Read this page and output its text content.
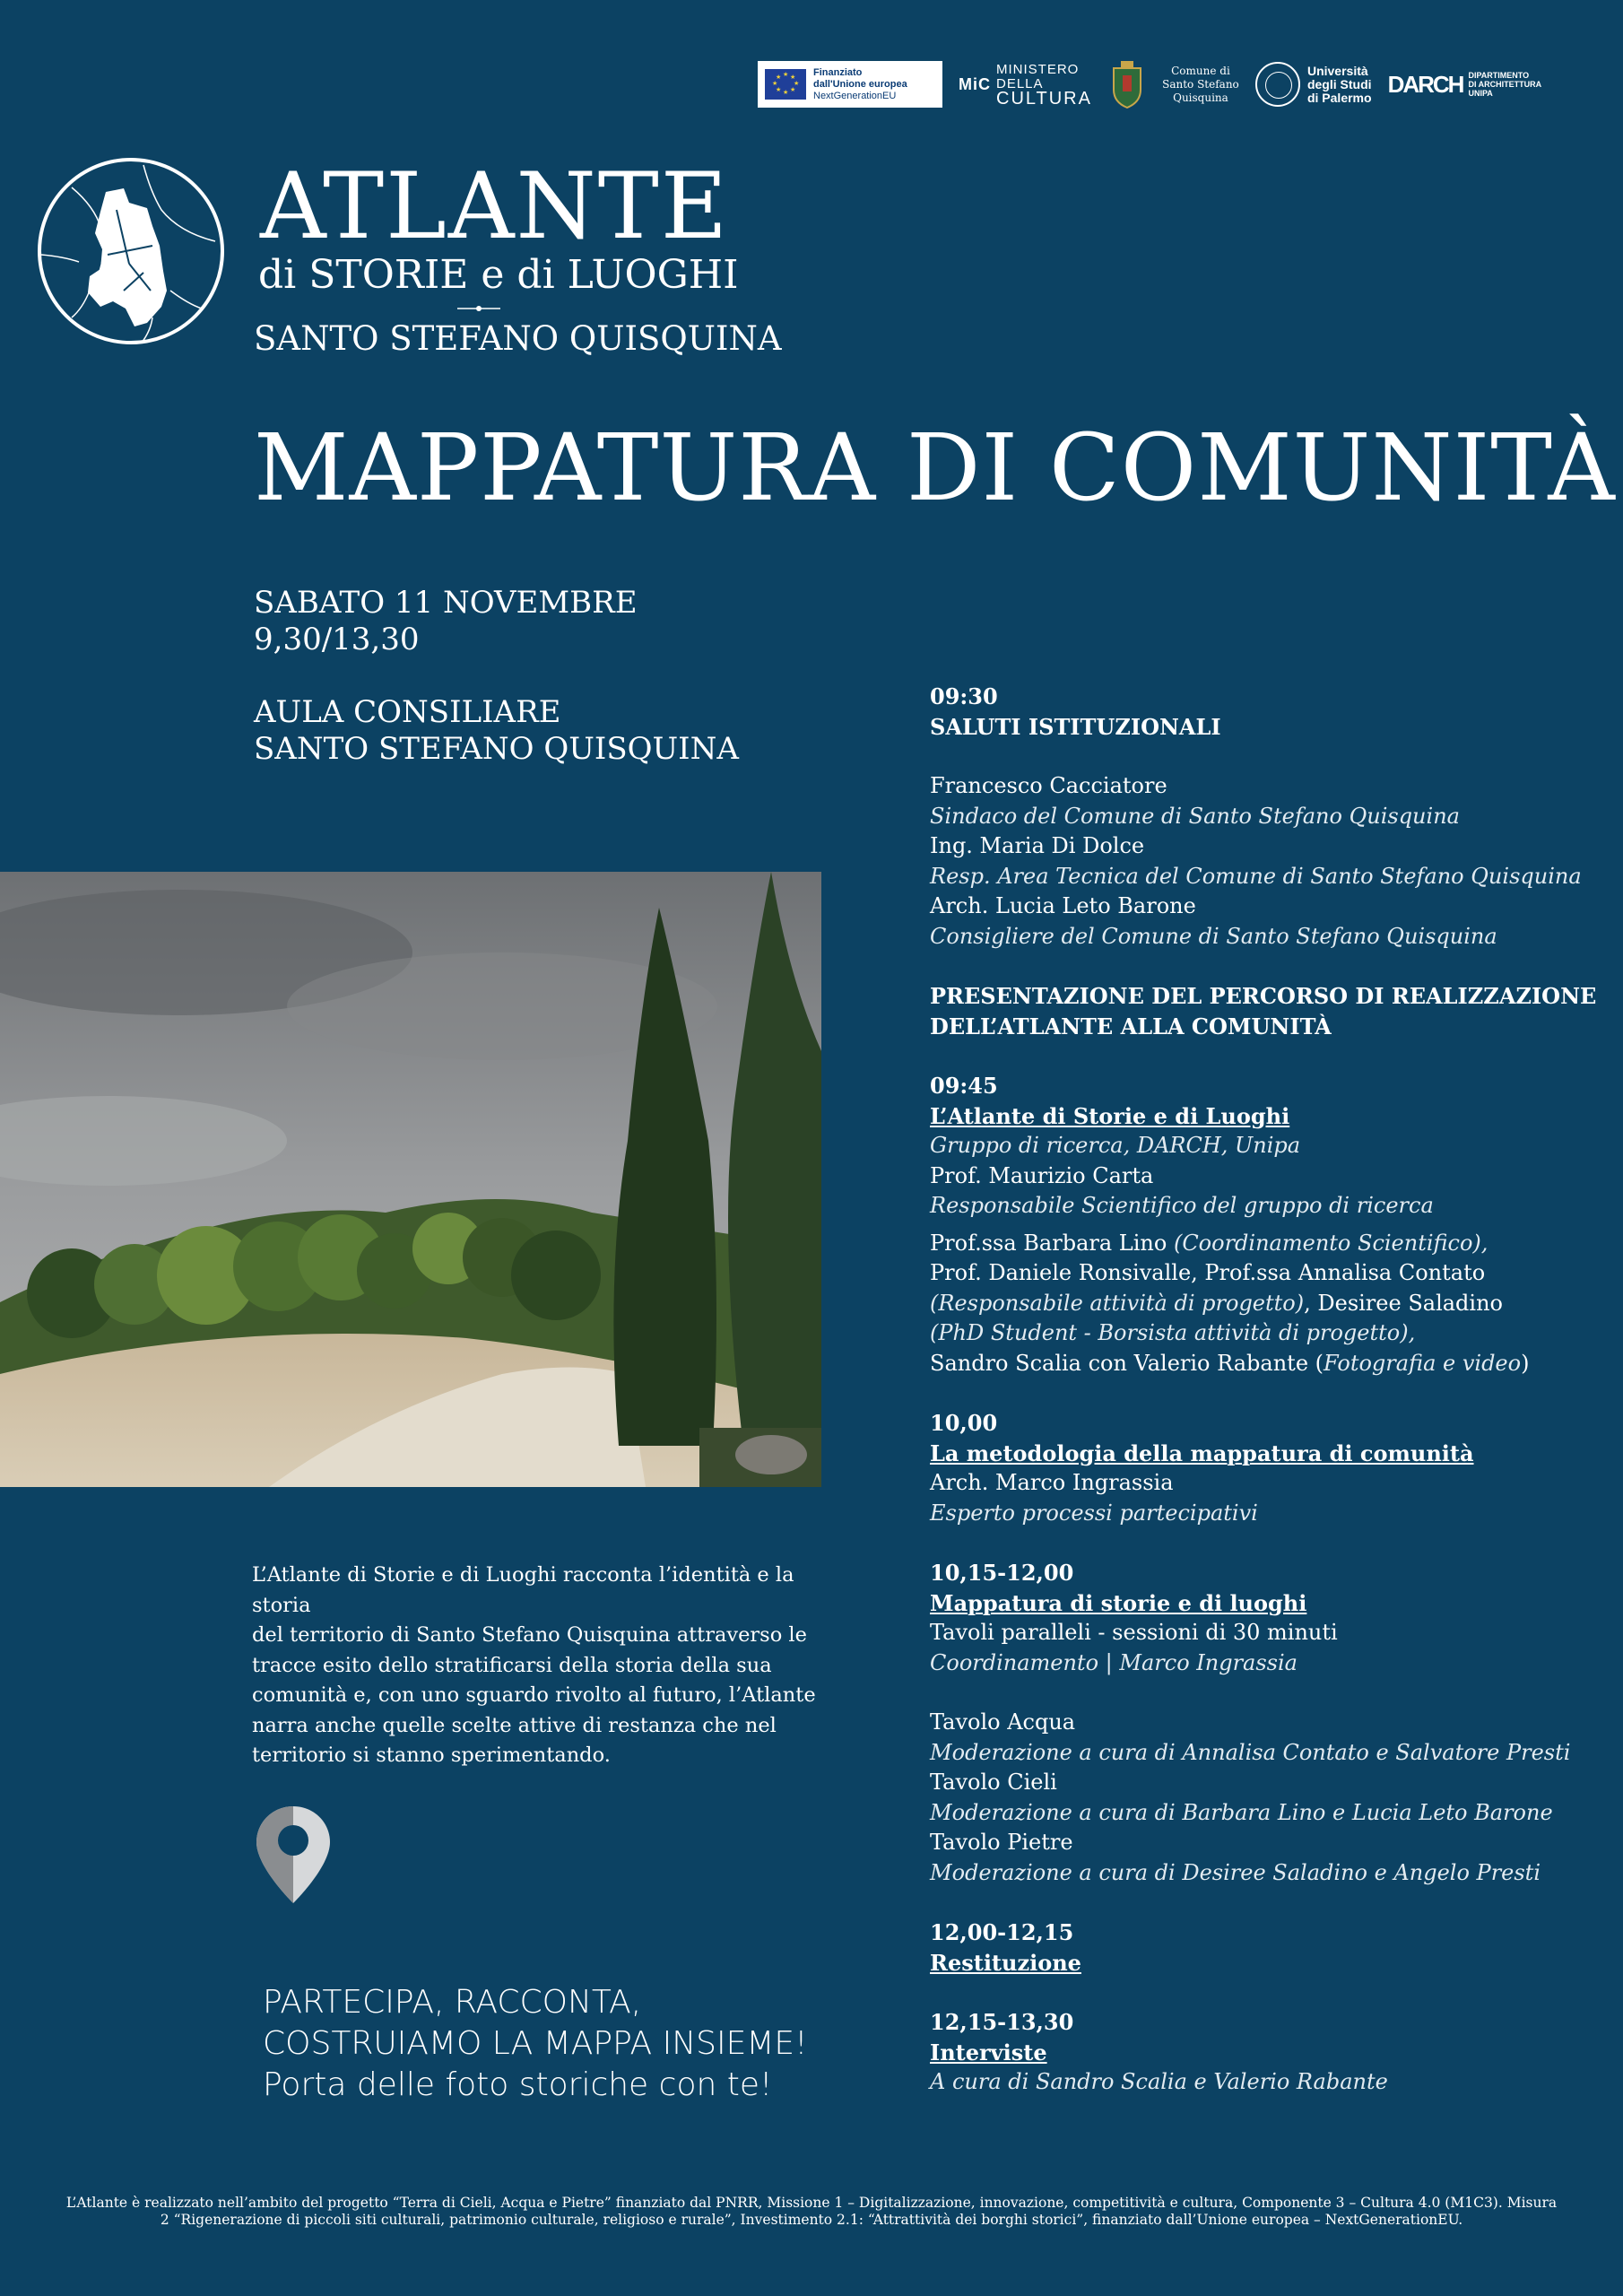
★ ★
★
★
★
★
★
★	Finanziato
dall'Unione europea
NextGenerationEU
MiC
MINISTERO
DELLA
CULTURA
Comune di
Santo Stefano
Quisquina
Università
degli Studi
di Palermo DARCH DIPARTIMENTO
DI ARCHITETTURA
UNIPA
ATLANTE
di STORIE e di LUOGHI
SANTO STEFANO QUISQUINA
MAPPATURA DI COMUNITÀ
SABATO 11 NOVEMBRE
9,30/13,30
AULA CONSILIARE
SANTO STEFANO QUISQUINA
L’Atlante di Storie e di Luoghi racconta l’identità e la storia
del territorio di Santo Stefano Quisquina attraverso le
tracce esito dello stratificarsi della storia della sua
comunità e, con uno sguardo rivolto al futuro, l’Atlante
narra anche quelle scelte attive di restanza che nel
territorio si stanno sperimentando.
PARTECIPA, RACCONTA,
COSTRUIAMO LA MAPPA INSIEME!
Porta delle foto storiche con te!

09:30

SALUTI ISTITUZIONALI

Francesco Cacciatore

Sindaco del Comune di Santo Stefano Quisquina

Ing. Maria Di Dolce

Resp. Area Tecnica del Comune di Santo Stefano Quisquina

Arch. Lucia Leto Barone

Consigliere del Comune di Santo Stefano Quisquina

PRESENTAZIONE DEL PERCORSO DI REALIZZAZIONE

DELL’ATLANTE ALLA COMUNITÀ

09:45

L’Atlante di Storie e di Luoghi

Gruppo di ricerca, DARCH, Unipa

Prof. Maurizio Carta

Responsabile Scientifico del gruppo di ricerca

Prof.ssa Barbara Lino (Coordinamento Scientifico),

Prof. Daniele Ronsivalle, Prof.ssa Annalisa Contato

(Responsabile attività di progetto), Desiree Saladino

(PhD Student - Borsista attività di progetto),

Sandro Scalia con Valerio Rabante (Fotografia e video)

10,00

La metodologia della mappatura di comunità

Arch. Marco Ingrassia

Esperto processi partecipativi

10,15-12,00

Mappatura di storie e di luoghi

Tavoli paralleli - sessioni di 30 minuti

Coordinamento | Marco Ingrassia

Tavolo Acqua

Moderazione a cura di Annalisa Contato e Salvatore Presti

Tavolo Cieli

Moderazione a cura di Barbara Lino e Lucia Leto Barone

Tavolo Pietre

Moderazione a cura di Desiree Saladino e Angelo Presti

12,00-12,15

Restituzione

12,15-13,30

Interviste

A cura di Sandro Scalia e Valerio Rabante

L’Atlante è realizzato nell’ambito del progetto “Terra di Cieli, Acqua e Pietre” finanziato dal PNRR, Missione 1 – Digitalizzazione, innovazione, competitività e cultura, Componente 3 – Cultura 4.0 (M1C3). Misura
2 “Rigenerazione di piccoli siti culturali, patrimonio culturale, religioso e rurale”, Investimento 2.1: “Attrattività dei borghi storici”, finanziato dall’Unione europea – NextGenerationEU.
